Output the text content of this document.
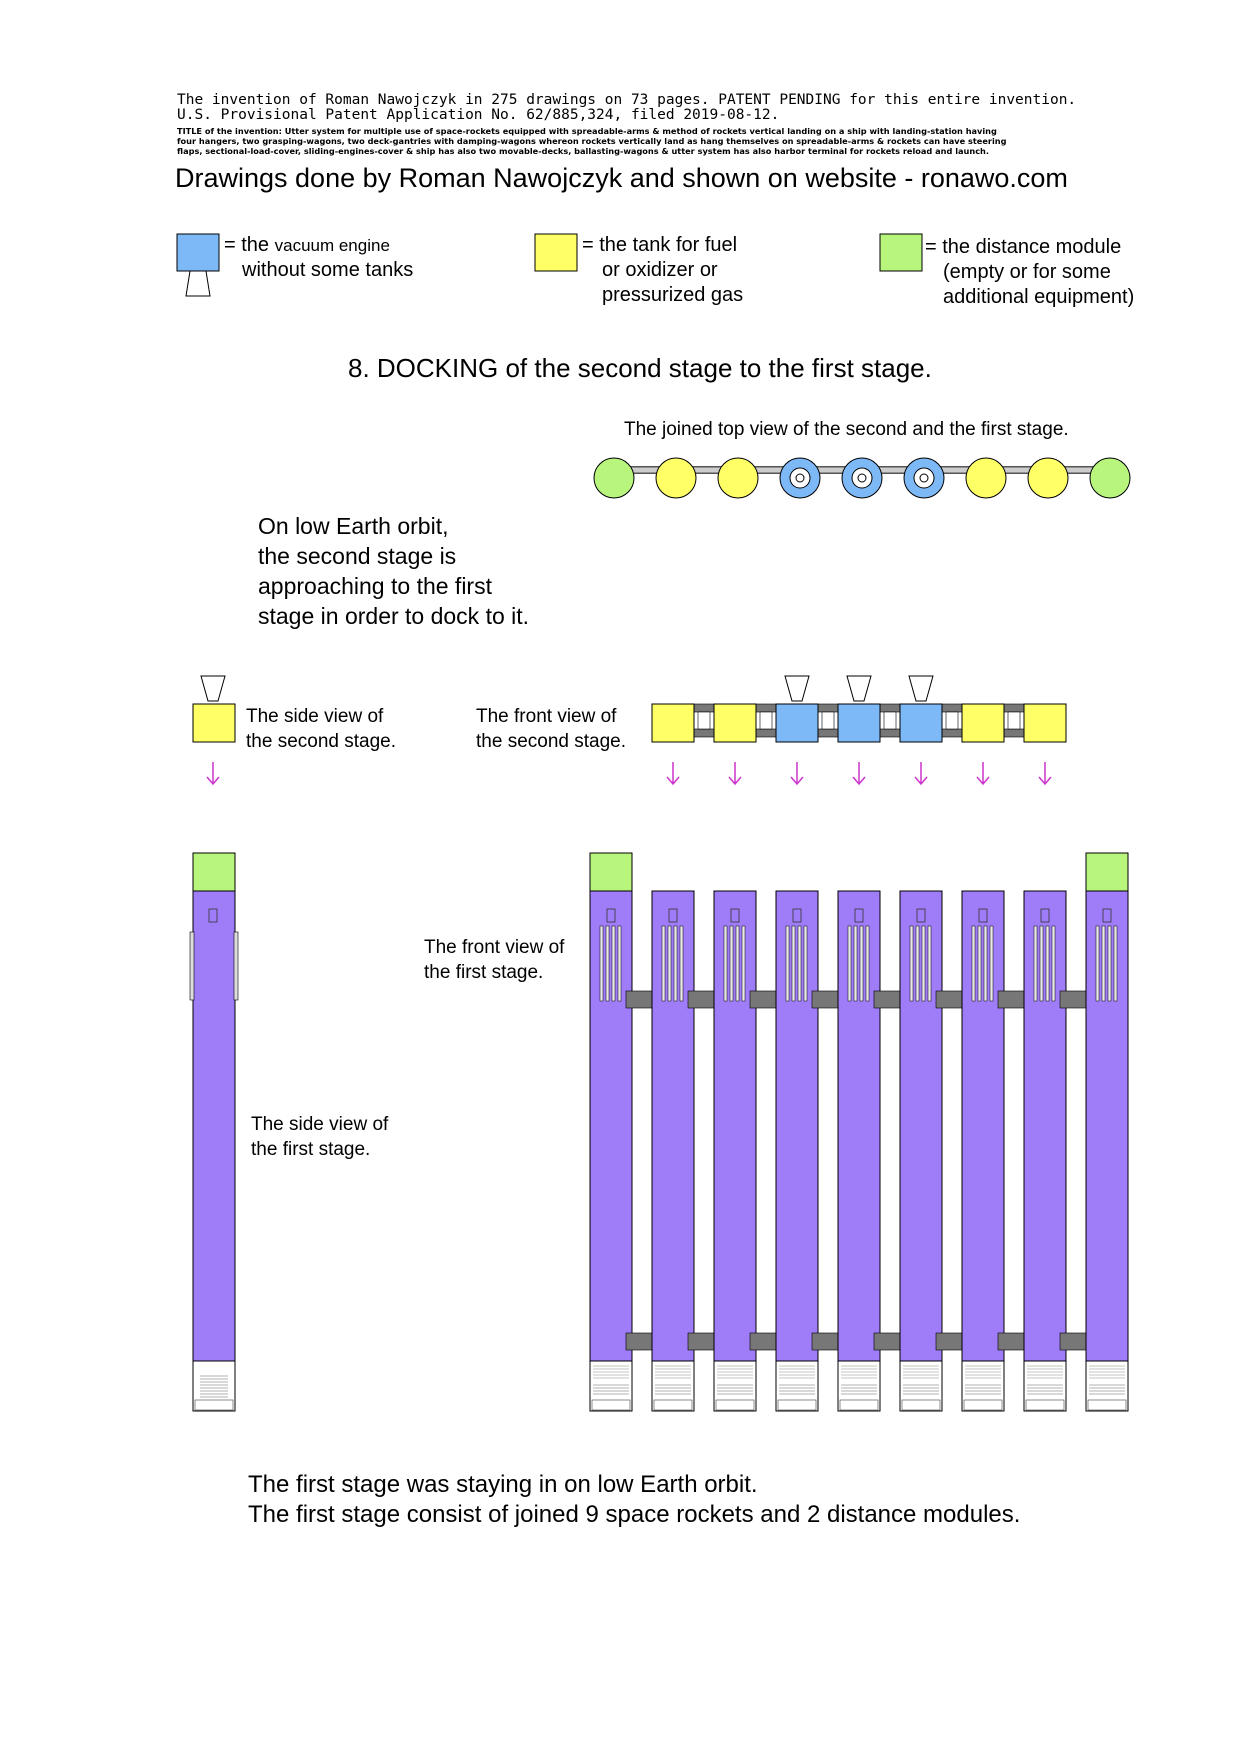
The invention of Roman Nawojczyk in 275 drawings on 73 pages. PATENT PENDING for this entire invention.
U.S. Provisional Patent Application No. 62/885,324, filed 2019-08-12.
TITLE of the invention: Utter system for multiple use of space-rockets equipped with spreadable-arms & method of rockets vertical landing on a ship with landing-station having
four hangers, two grasping-wagons, two deck-gantries with damping-wagons whereon rockets vertically land as hang themselves on spreadable-arms & rockets can have steering
flaps, sectional-load-cover, sliding-engines-cover & ship has also two movable-decks, ballasting-wagons & utter system has also harbor terminal for rockets reload and launch.
Drawings done by Roman Nawojczyk and shown on website - ronawo.com
= the vacuum engine
without some tanks
= the tank for fuel
or oxidizer or
pressurized gas
= the distance module
(empty or for some
additional equipment)
8. DOCKING of the second stage to the first stage.
The joined top view of the second and the first stage.
On low Earth orbit,
the second stage is
approaching to the first
stage in order to dock to it.
The side view of
the second stage.
The front view of
the second stage.
The front view of
the first stage.
The side view of
the first stage.
The first stage was staying in on low Earth orbit.
The first stage consist of joined 9 space rockets and 2 distance modules.
